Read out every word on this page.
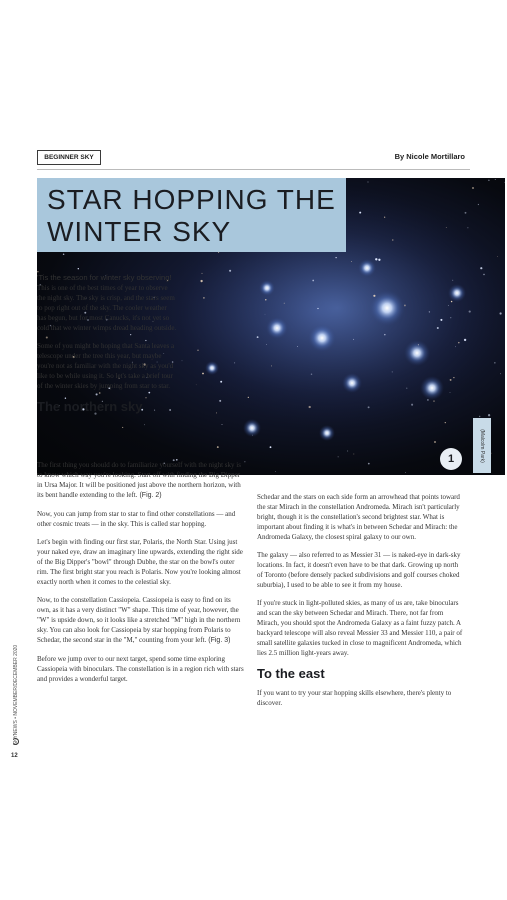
BEGINNER SKY	By Nicole Mortillaro
STAR HOPPING THE
WINTER SKY
(Malcolm Park)
1

'Tis the season for winter sky observing! This is one of the best times of year to observe the night sky. The sky is crisp, and the stars seem to pop right out of the sky. The cooler weather has begun, but for most Canucks, it's not yet so cold that we winter wimps dread heading outside.

Some of you might be hoping that Santa leaves a telescope under the tree this year, but maybe you're not as familiar with the night sky as you'd like to be while using it. So let's take a brief tour of the winter skies by jumping from star to star.

The northern sky

The first thing you should do to familiarize yourself with the night sky is to know which way you're looking. Start off with finding the Big Dipper in Ursa Major. It will be positioned just above the northern horizon, with its bent handle extending to the left. (Fig. 2)

Now, you can jump from star to star to find other constellations — and other cosmic treats — in the sky. This is called star hopping.

Let's begin with finding our first star, Polaris, the North Star. Using just your naked eye, draw an imaginary line upwards, extending the right side of the Big Dipper's "bowl" through Dubhe, the star on the bowl's outer rim. The first bright star you reach is Polaris. Now you're looking almost exactly north when it comes to the celestial sky.

Now, to the constellation Cassiopeia. Cassiopeia is easy to find on its own, as it has a very distinct "W" shape. This time of year, however, the "W" is upside down, so it looks like a stretched "M" high in the northern sky. You can also look for Cassiopeia by star hopping from Polaris to Schedar, the second star in the "M," counting from your left. (Fig. 3)

Before we jump over to our next target, spend some time exploring Cassiopeia with binoculars. The constellation is in a region rich with stars and provides a wonderful target.

Schedar and the stars on each side form an arrowhead that points toward the star Mirach in the constellation Andromeda. Mirach isn't particularly bright, though it is the constellation's second brightest star. What is important about finding it is what's in between Schedar and Mirach: the Andromeda Galaxy, the closest spiral galaxy to our own.

The galaxy — also referred to as Messier 31 — is naked-eye in dark-sky locations. In fact, it doesn't even have to be that dark. Growing up north of Toronto (before densely packed subdivisions and golf courses choked suburbia), I used to be able to see it from my house.

If you're stuck in light-polluted skies, as many of us are, take binoculars and scan the sky between Schedar and Mirach. There, not far from Mirach, you should spot the Andromeda Galaxy as a faint fuzzy patch. A backyard telescope will also reveal Messier 33 and Messier 110, a pair of small satellite galaxies tucked in close to magnificent Andromeda, which lies 2.5 million light-years away.

To the east

If you want to try your star hopping skills elsewhere, there's plenty to discover.

SKYNEWS • NOVEMBER/DECEMBER 2020
12
